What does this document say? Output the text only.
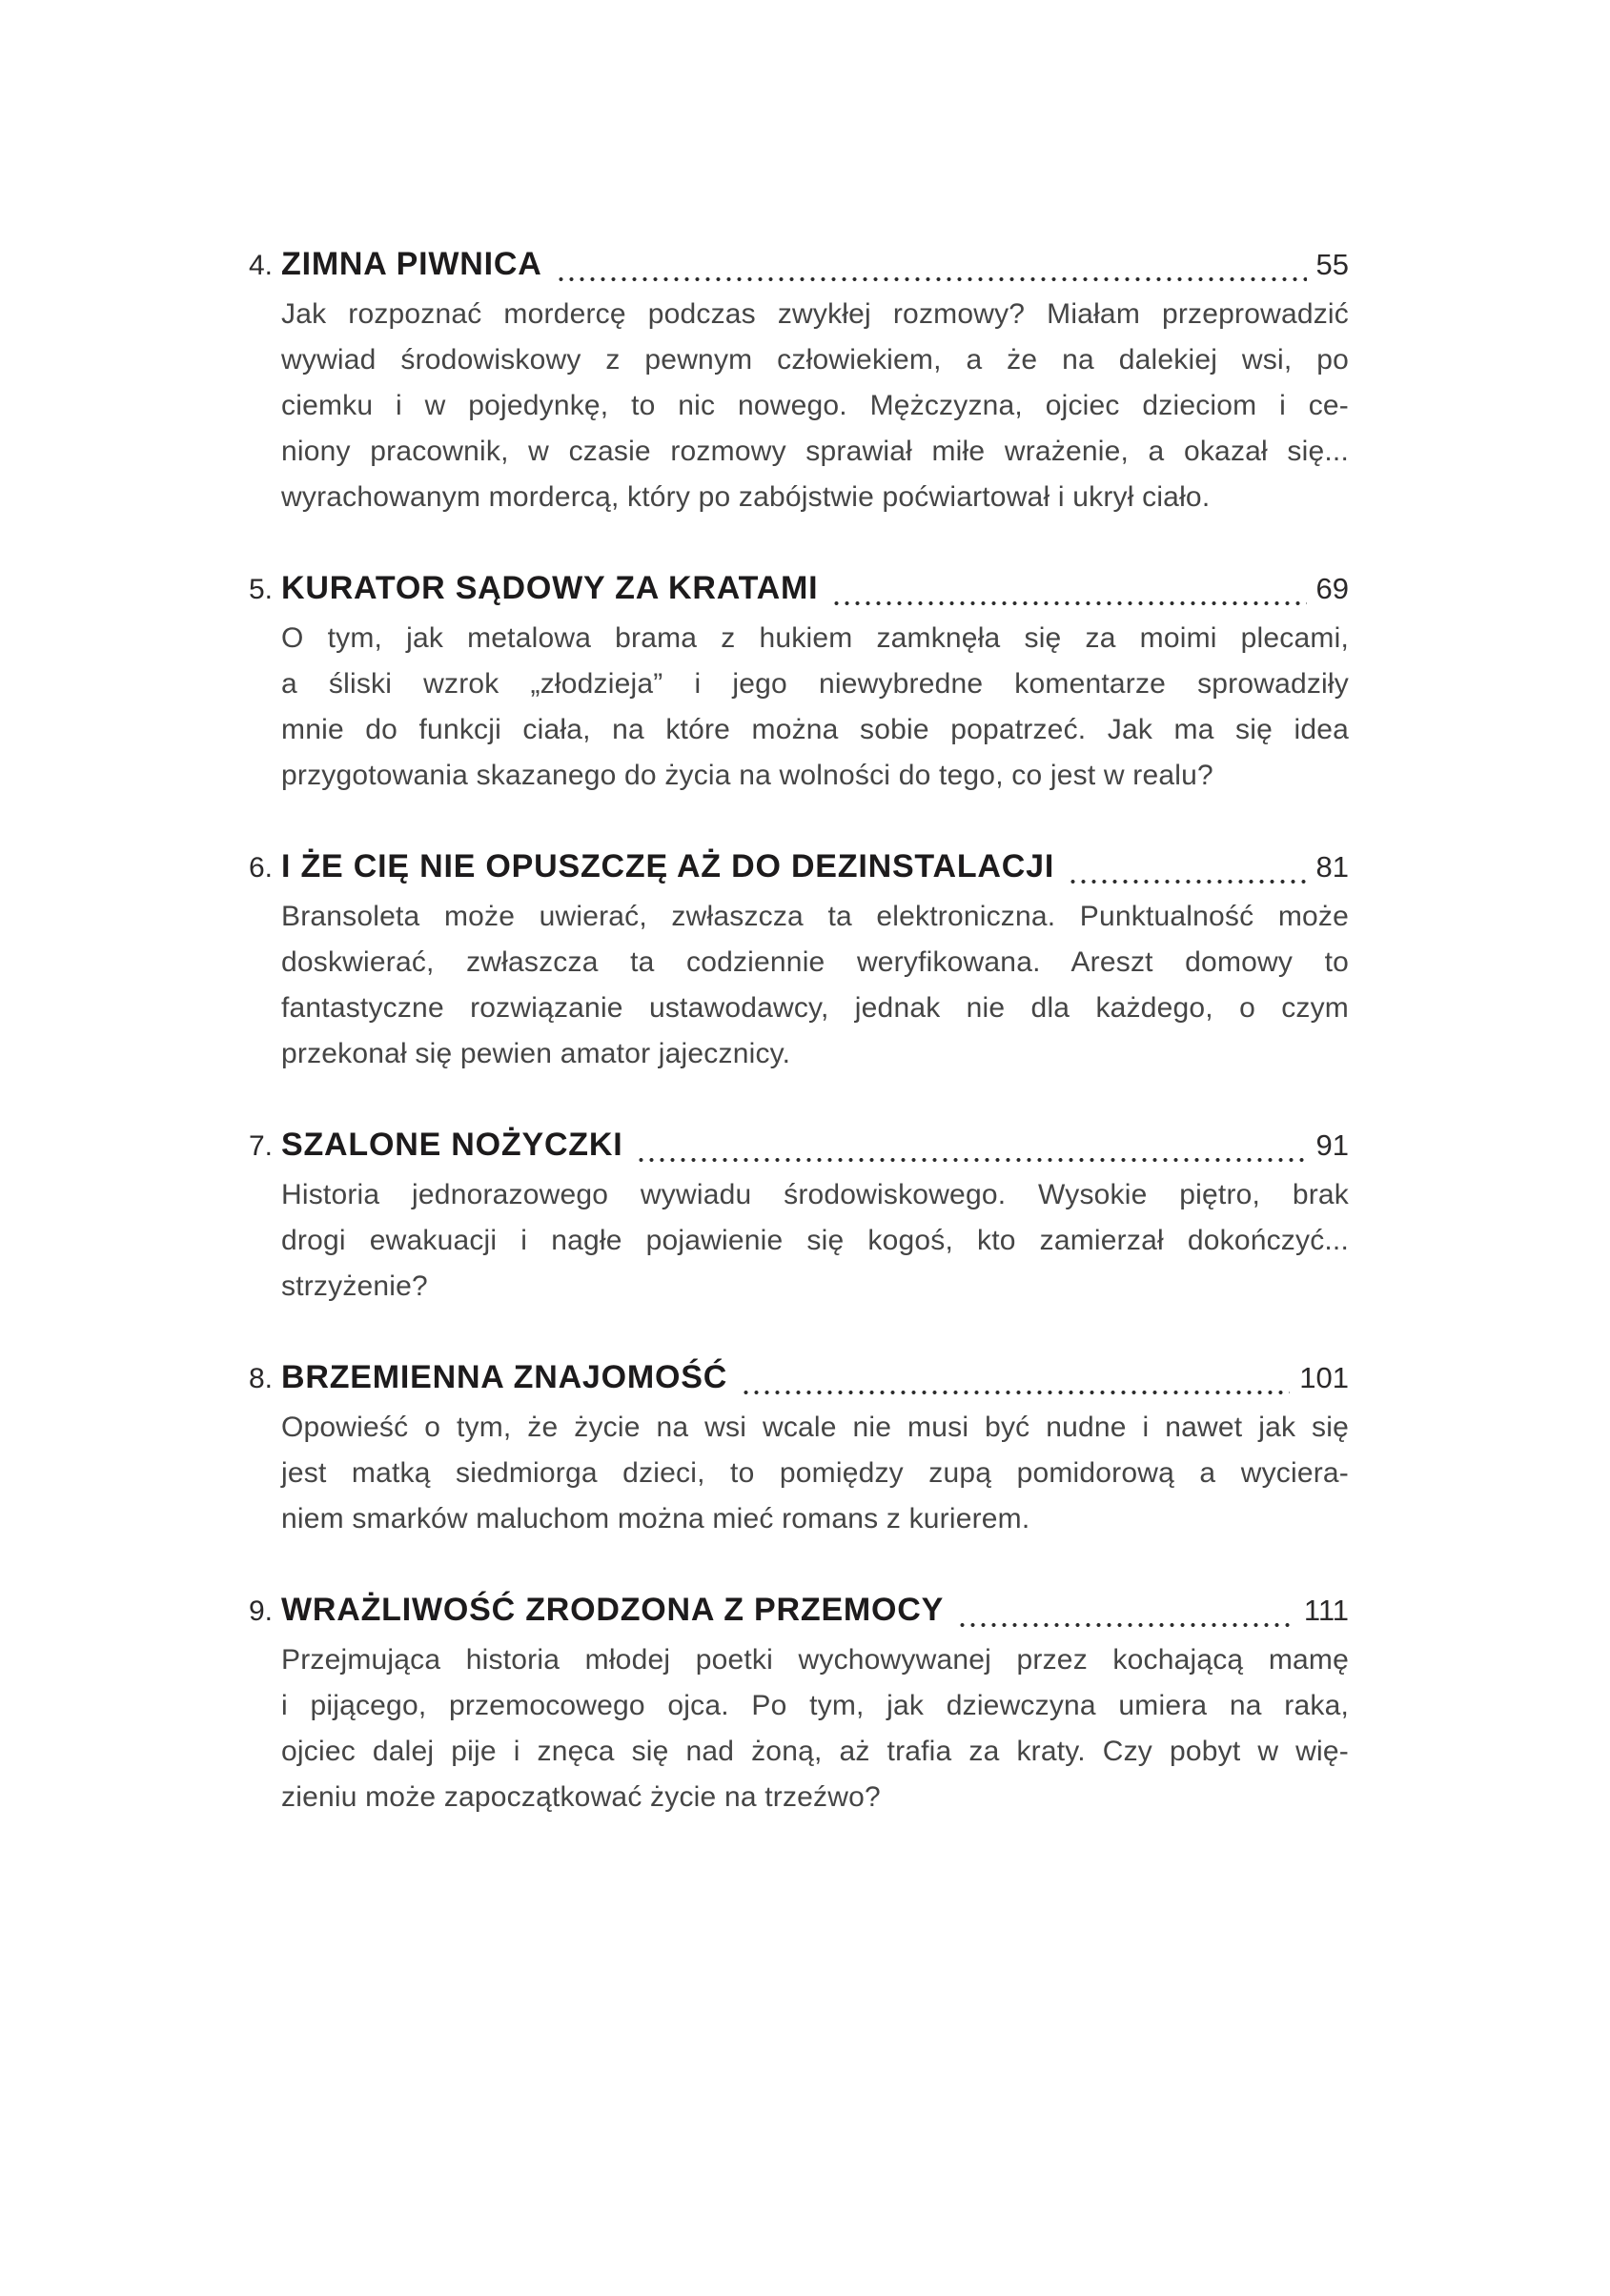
4. ZIMNA PIWNICA	55
Jak rozpoznać mordercę podczas zwykłej rozmowy? Miałam przeprowadzić
wywiad środowiskowy z pewnym człowiekiem, a że na dalekiej wsi, po
ciemku i w pojedynkę, to nic nowego. Mężczyzna, ojciec dzieciom i ce-
niony pracownik, w czasie rozmowy sprawiał miłe wrażenie, a okazał się...
wyrachowanym mordercą, który po zabójstwie poćwiartował i ukrył ciało.
5. KURATOR SĄDOWY ZA KRATAMI	69
O tym, jak metalowa brama z hukiem zamknęła się za moimi plecami,
a śliski wzrok „złodzieja” i jego niewybredne komentarze sprowadziły
mnie do funkcji ciała, na które można sobie popatrzeć. Jak ma się idea
przygotowania skazanego do życia na wolności do tego, co jest w realu?
6. I ŻE CIĘ NIE OPUSZCZĘ AŻ DO DEZINSTALACJI	81
Bransoleta może uwierać, zwłaszcza ta elektroniczna. Punktualność może
doskwierać, zwłaszcza ta codziennie weryfikowana. Areszt domowy to
fantastyczne rozwiązanie ustawodawcy, jednak nie dla każdego, o czym
przekonał się pewien amator jajecznicy.
7. SZALONE NOŻYCZKI	91
Historia jednorazowego wywiadu środowiskowego. Wysokie piętro, brak
drogi ewakuacji i nagłe pojawienie się kogoś, kto zamierzał dokończyć...
strzyżenie?
8. BRZEMIENNA ZNAJOMOŚĆ	101
Opowieść o tym, że życie na wsi wcale nie musi być nudne i nawet jak się
jest matką siedmiorga dzieci, to pomiędzy zupą pomidorową a wyciera-
niem smarków maluchom można mieć romans z kurierem.
9. WRAŻLIWOŚĆ ZRODZONA Z PRZEMOCY	111
Przejmująca historia młodej poetki wychowywanej przez kochającą mamę
i pijącego, przemocowego ojca. Po tym, jak dziewczyna umiera na raka,
ojciec dalej pije i znęca się nad żoną, aż trafia za kraty. Czy pobyt w wię-
zieniu może zapoczątkować życie na trzeźwo?
